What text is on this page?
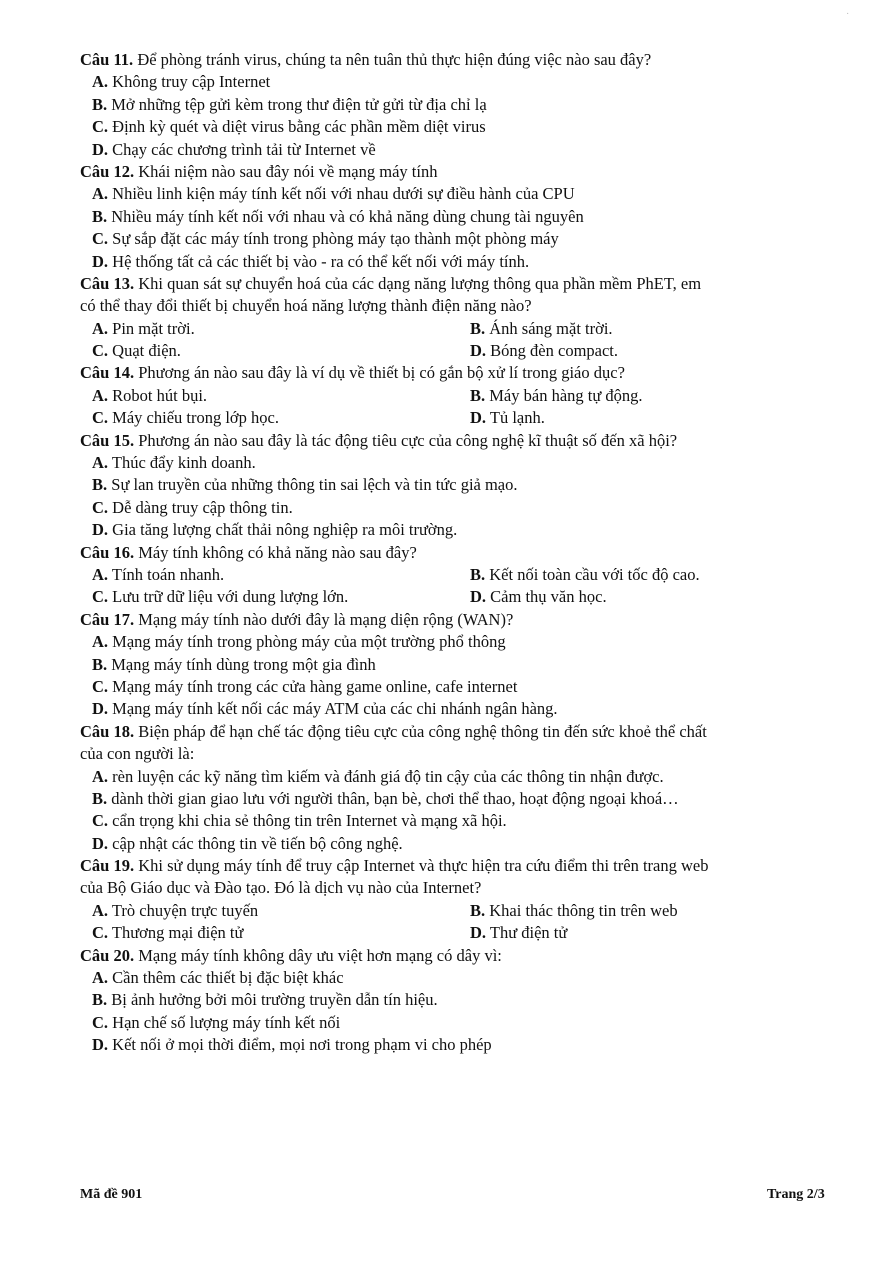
Câu 11. Để phòng tránh virus, chúng ta nên tuân thủ thực hiện đúng việc nào sau đây?
A. Không truy cập Internet
B. Mở những tệp gửi kèm trong thư điện tử gửi từ địa chỉ lạ
C. Định kỳ quét và diệt virus bằng các phần mềm diệt virus
D. Chạy các chương trình tải từ Internet về
Câu 12. Khái niệm nào sau đây nói về mạng máy tính
A. Nhiều linh kiện máy tính kết nối với nhau dưới sự điều hành của CPU
B. Nhiều máy tính kết nối với nhau và có khả năng dùng chung tài nguyên
C. Sự sắp đặt các máy tính trong phòng máy tạo thành một phòng máy
D. Hệ thống tất cả các thiết bị vào - ra có thể kết nối với máy tính.
Câu 13. Khi quan sát sự chuyển hoá của các dạng năng lượng thông qua phần mềm PhET, em
có thể thay đổi thiết bị chuyển hoá năng lượng thành điện năng nào?
A. Pin mặt trời.	B. Ánh sáng mặt trời.
C. Quạt điện.	D. Bóng đèn compact.
Câu 14. Phương án nào sau đây là ví dụ về thiết bị có gắn bộ xử lí trong giáo dục?
A. Robot hút bụi.	B. Máy bán hàng tự động.
C. Máy chiếu trong lớp học.	D. Tủ lạnh.
Câu 15. Phương án nào sau đây là tác động tiêu cực của công nghệ kĩ thuật số đến xã hội?
A. Thúc đẩy kinh doanh.
B. Sự lan truyền của những thông tin sai lệch và tin tức giả mạo.
C. Dễ dàng truy cập thông tin.
D. Gia tăng lượng chất thải nông nghiệp ra môi trường.
Câu 16. Máy tính không có khả năng nào sau đây?
A. Tính toán nhanh.	B. Kết nối toàn cầu với tốc độ cao.
C. Lưu trữ dữ liệu với dung lượng lớn.	D. Cảm thụ văn học.
Câu 17. Mạng máy tính nào dưới đây là mạng diện rộng (WAN)?
A. Mạng máy tính trong phòng máy của một trường phổ thông
B. Mạng máy tính dùng trong một gia đình
C. Mạng máy tính trong các cửa hàng game online, cafe internet
D. Mạng máy tính kết nối các máy ATM của các chi nhánh ngân hàng.
Câu 18. Biện pháp để hạn chế tác động tiêu cực của công nghệ thông tin đến sức khoẻ thể chất
của con người là:
A. rèn luyện các kỹ năng tìm kiếm và đánh giá độ tin cậy của các thông tin nhận được.
B. dành thời gian giao lưu với người thân, bạn bè, chơi thể thao, hoạt động ngoại khoá…
C. cẩn trọng khi chia sẻ thông tin trên Internet và mạng xã hội.
D. cập nhật các thông tin về tiến bộ công nghệ.
Câu 19. Khi sử dụng máy tính để truy cập Internet và thực hiện tra cứu điểm thi trên trang web
của Bộ Giáo dục và Đào tạo. Đó là dịch vụ nào của Internet?
A. Trò chuyện trực tuyến	B. Khai thác thông tin trên web
C. Thương mại điện tử	D. Thư điện tử
Câu 20. Mạng máy tính không dây ưu việt hơn mạng có dây vì:
A. Cần thêm các thiết bị đặc biệt khác
B. Bị ảnh hưởng bởi môi trường truyền dẫn tín hiệu.
C. Hạn chế số lượng máy tính kết nối
D. Kết nối ở mọi thời điểm, mọi nơi trong phạm vi cho phép
Mã đề 901	Trang 2/3
·
